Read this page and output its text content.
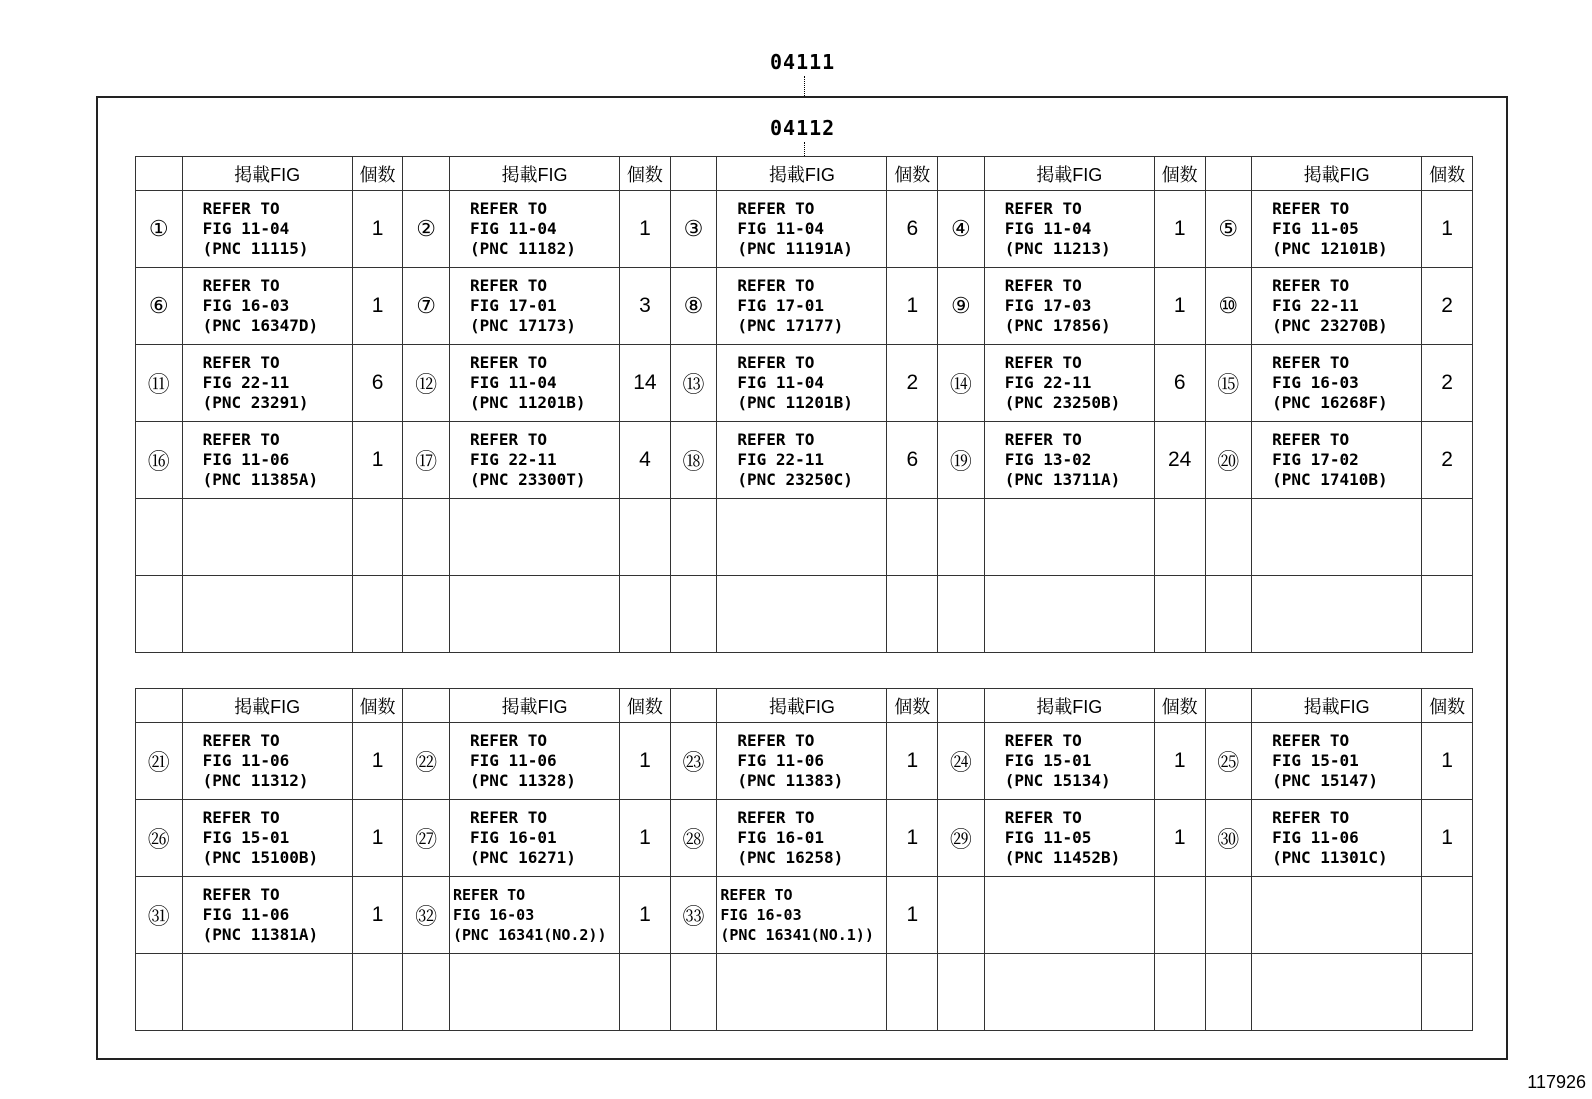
04111
04112
	掲載FIG	個数		掲載FIG	個数		掲載FIG	個数		掲載FIG	個数		掲載FIG	個数
①	REFER TO
FIG 11-04
(PNC 11115)	1	②	REFER TO
FIG 11-04
(PNC 11182)	1	③	REFER TO
FIG 11-04
(PNC 11191A)	6	④	REFER TO
FIG 11-04
(PNC 11213)	1	⑤	REFER TO
FIG 11-05
(PNC 12101B)	1
⑥	REFER TO
FIG 16-03
(PNC 16347D)	1	⑦	REFER TO
FIG 17-01
(PNC 17173)	3	⑧	REFER TO
FIG 17-01
(PNC 17177)	1	⑨	REFER TO
FIG 17-03
(PNC 17856)	1	⑩	REFER TO
FIG 22-11
(PNC 23270B)	2
⑪	REFER TO
FIG 22-11
(PNC 23291)	6	⑫	REFER TO
FIG 11-04
(PNC 11201B)	14	⑬	REFER TO
FIG 11-04
(PNC 11201B)	2	⑭	REFER TO
FIG 22-11
(PNC 23250B)	6	⑮	REFER TO
FIG 16-03
(PNC 16268F)	2
⑯	REFER TO
FIG 11-06
(PNC 11385A)	1	⑰	REFER TO
FIG 22-11
(PNC 23300T)	4	⑱	REFER TO
FIG 22-11
(PNC 23250C)	6	⑲	REFER TO
FIG 13-02
(PNC 13711A)	24	⑳	REFER TO
FIG 17-02
(PNC 17410B)	2

	掲載FIG	個数		掲載FIG	個数		掲載FIG	個数		掲載FIG	個数		掲載FIG	個数
㉑	REFER TO
FIG 11-06
(PNC 11312)	1	㉒	REFER TO
FIG 11-06
(PNC 11328)	1	㉓	REFER TO
FIG 11-06
(PNC 11383)	1	㉔	REFER TO
FIG 15-01
(PNC 15134)	1	㉕	REFER TO
FIG 15-01
(PNC 15147)	1
㉖	REFER TO
FIG 15-01
(PNC 15100B)	1	㉗	REFER TO
FIG 16-01
(PNC 16271)	1	㉘	REFER TO
FIG 16-01
(PNC 16258)	1	㉙	REFER TO
FIG 11-05
(PNC 11452B)	1	㉚	REFER TO
FIG 11-06
(PNC 11301C)	1
㉛	REFER TO
FIG 11-06
(PNC 11381A)	1	㉜	REFER TO
FIG 16-03
(PNC 16341(NO.2))	1	㉝	REFER TO
FIG 16-03
(PNC 16341(NO.1))	1						

117926
